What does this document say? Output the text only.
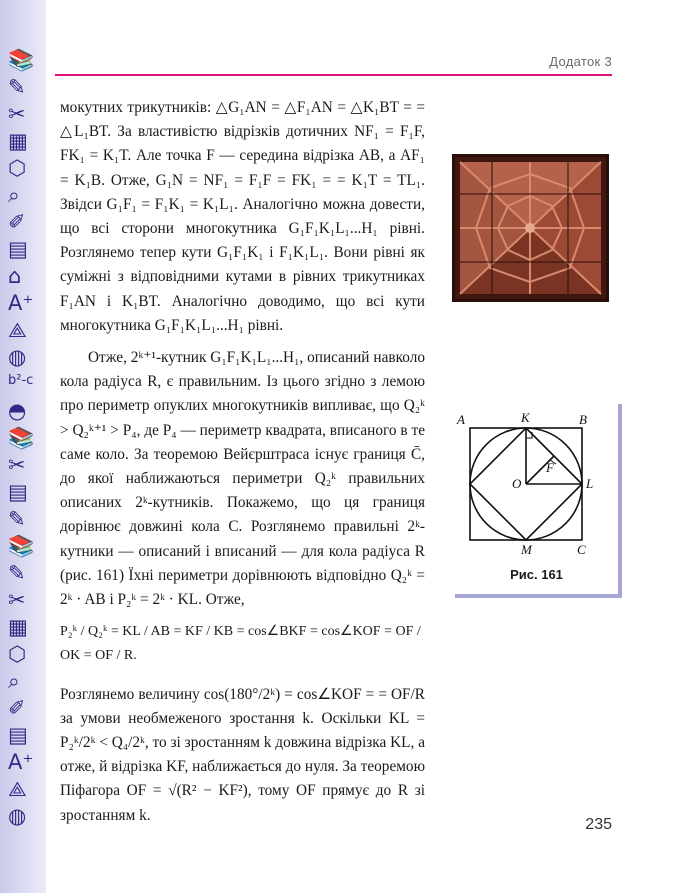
📚
✎
✂
▦
⬡
⌕
✐
▤
⌂
A⁺
⟁
◍
b²-c
◓
📚
✂
▤
✎
📚
✎
✂
▦
⬡
⌕
✐
▤
A⁺
⟁
◍
Додаток 3

мокутних трикутників: △G₁AN = △F₁AN = △K₁BT = = △L₁BT. За властивістю відрізків дотичних NF₁ = F₁F, FK₁ = K₁T. Але точка F — середина відрізка AB, а AF₁ = K₁B. Отже, G₁N = NF₁ = F₁F = FK₁ = = K₁T = TL₁. Звідси G₁F₁ = F₁K₁ = K₁L₁. Аналогічно можна довести, що всі сторони многокутника G₁F₁K₁L₁...H₁ рівні. Розглянемо тепер кути G₁F₁K₁ і F₁K₁L₁. Вони рівні як суміжні з відповідними кутами в рівних трикутниках F₁AN і K₁BT. Аналогічно доводимо, що всі кути многокутника G₁F₁K₁L₁...H₁ рівні.

Отже, 2ᵏ⁺¹-кутник G₁F₁K₁L₁...H₁, описаний навколо кола радіуса R, є правильним. Із цього згідно з лемою про периметр опуклих многокутників випливає, що Q₂ᵏ > Q₂ᵏ⁺¹ > P₄, де P₄ — периметр квадрата, вписаного в те саме коло. За теоремою Вейєрштраса існує границя C̄, до якої наближаються периметри Q₂ᵏ правильних описаних 2ᵏ-кутників. Покажемо, що ця границя дорівнює довжині кола C. Розглянемо правильні 2ᵏ-кутники — описаний і вписаний — для кола радіуса R (рис. 161) Їхні периметри дорівнюють відповідно Q₂ᵏ = 2ᵏ · AB і P₂ᵏ = 2ᵏ · KL. Отже,

P₂ᵏ / Q₂ᵏ = KL / AB = KF / KB = cos∠BKF = cos∠KOF = OF / OK = OF / R.

Розглянемо величину cos(180°/2ᵏ) = cos∠KOF = = OF/R за умови необмеженого зростання k. Оскільки KL = P₂ᵏ/2ᵏ < Q₄/2ᵏ, то зі зростанням k довжина відрізка KL, а отже, й відрізка KF, наближається до нуля. За теоремою Піфагора OF = √(R² − KF²), тому OF прямує до R зі зростанням k.

A	K	B
O
F
L
M	C
Рис. 161
235
